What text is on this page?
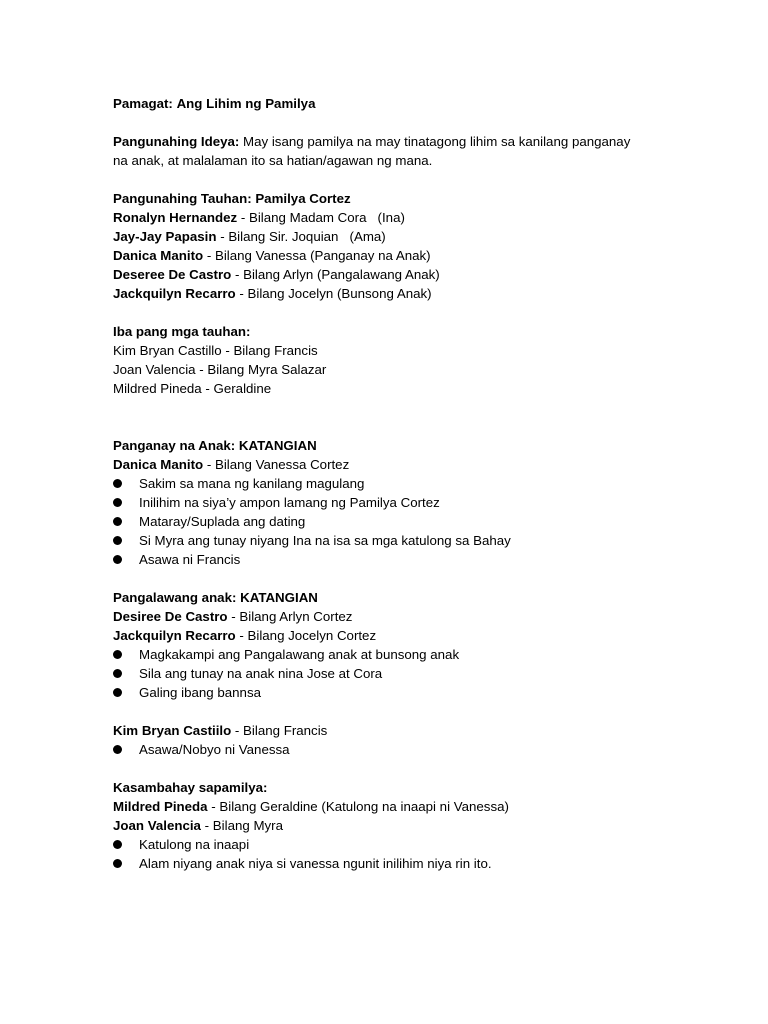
Pamagat: Ang Lihim ng Pamilya

Pangunahing Ideya: May isang pamilya na may tinatagong lihim sa kanilang panganay

na anak, at malalaman ito sa hatian/agawan ng mana.

Pangunahing Tauhan: Pamilya Cortez

Ronalyn Hernandez - Bilang Madam Cora   (Ina)

Jay-Jay Papasin - Bilang Sir. Joquian   (Ama)

Danica Manito - Bilang Vanessa (Panganay na Anak)

Deseree De Castro - Bilang Arlyn (Pangalawang Anak)

Jackquilyn Recarro - Bilang Jocelyn (Bunsong Anak)

Iba pang mga tauhan:

Kim Bryan Castillo - Bilang Francis

Joan Valencia - Bilang Myra Salazar

Mildred Pineda - Geraldine

Panganay na Anak: KATANGIAN

Danica Manito - Bilang Vanessa Cortez

Sakim sa mana ng kanilang magulang
Inilihim na siya’y ampon lamang ng Pamilya Cortez
Mataray/Suplada ang dating
Si Myra ang tunay niyang Ina na isa sa mga katulong sa Bahay
Asawa ni Francis

Pangalawang anak: KATANGIAN

Desiree De Castro - Bilang Arlyn Cortez

Jackquilyn Recarro - Bilang Jocelyn Cortez

Magkakampi ang Pangalawang anak at bunsong anak
Sila ang tunay na anak nina Jose at Cora
Galing ibang bannsa

Kim Bryan Castiilo - Bilang Francis

Asawa/Nobyo ni Vanessa

Kasambahay sapamilya:

Mildred Pineda - Bilang Geraldine (Katulong na inaapi ni Vanessa)

Joan Valencia - Bilang Myra

Katulong na inaapi
Alam niyang anak niya si vanessa ngunit inilihim niya rin ito.
